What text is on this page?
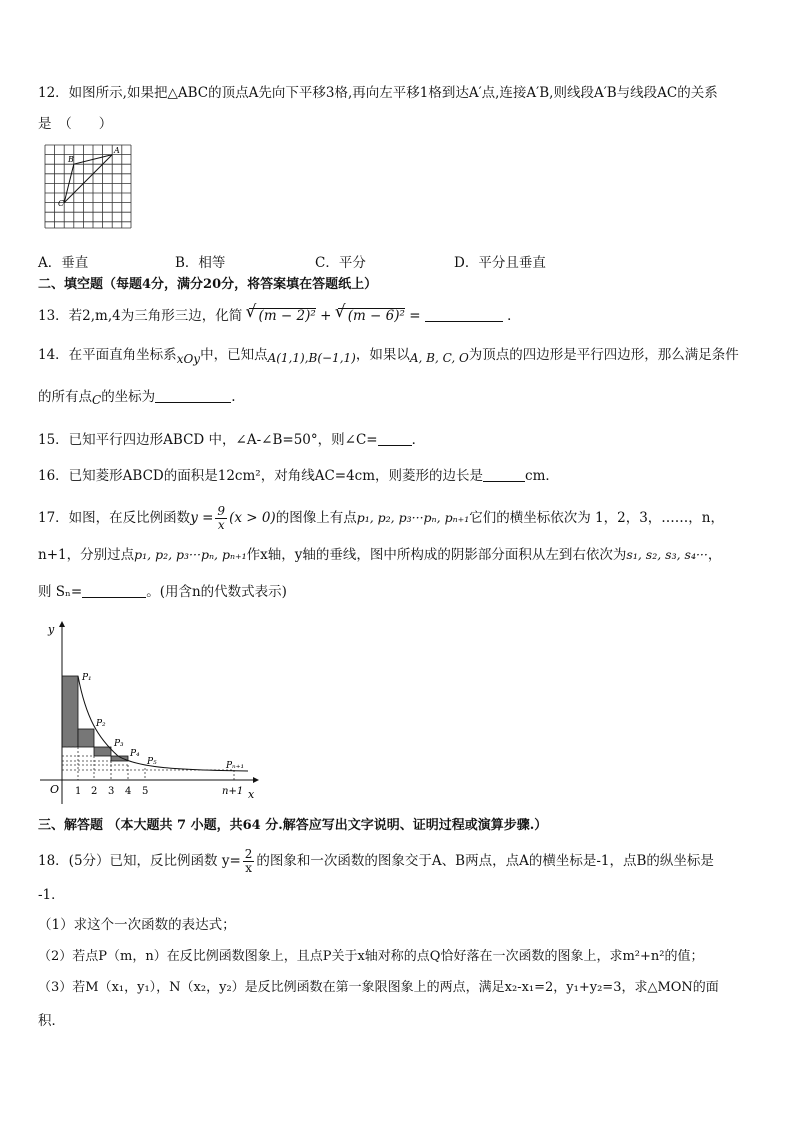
12．如图所示,如果把△ABC的顶点A先向下平移3格,再向左平移1格到达A′点,连接A′B,则线段A′B与线段AC的关系
是　（　　）
A
B
C
A．垂直	B．相等	C．平分	D．平分且垂直
二、填空题（每题4分，满分20分，将答案填在答题纸上）
13．若2,m,4为三角形三边，化简 √ (m − 2)² + √ (m − 6)² =	．
14．在平面直角坐标系xOy中，已知点A(1,1),B(−1,1)，如果以A, B, C, O为顶点的四边形是平行四边形，那么满足条件
的所有点C的坐标为	.
15．已知平行四边形ABCD 中，∠A-∠B=50°，则∠C=	．
16．已知菱形ABCD的面积是12cm²，对角线AC=4cm，则菱形的边长是	cm．
17．如图，在反比例函数$y = \frac{9}{x} (x > 0)$的图像上有点p₁, p₂, p₃···pₙ, pₙ₊₁它们的横坐标依次为 1，2，3，……，n，
n+1，分别过点p₁, p₂, p₃···pₙ, pₙ₊₁作x轴，y轴的垂线，图中所构成的阴影部分面积从左到右依次为s₁, s₂, s₃, s₄···，
则 Sₙ=	。(用含n的代数式表示)
y
x
O 1 2 3 4 5	n+1
P₁
P₂
P₃
P₄
P₅	Pₙ₊₁
三、解答题 （本大题共 7 小题，共64 分.解答应写出文字说明、证明过程或演算步骤.）
18．(5分）已知，反比例函数 $y= \frac{2}{x}$ 的图象和一次函数的图象交于A、B两点，点A的横坐标是-1，点B的纵坐标是
-1．
（1）求这个一次函数的表达式；
（2）若点P（m，n）在反比例函数图象上，且点P关于x轴对称的点Q恰好落在一次函数的图象上，求m²+n²的值；
（3）若M（x₁，y₁），N（x₂，y₂）是反比例函数在第一象限图象上的两点，满足x₂-x₁=2，y₁+y₂=3，求△MON的面
积．
